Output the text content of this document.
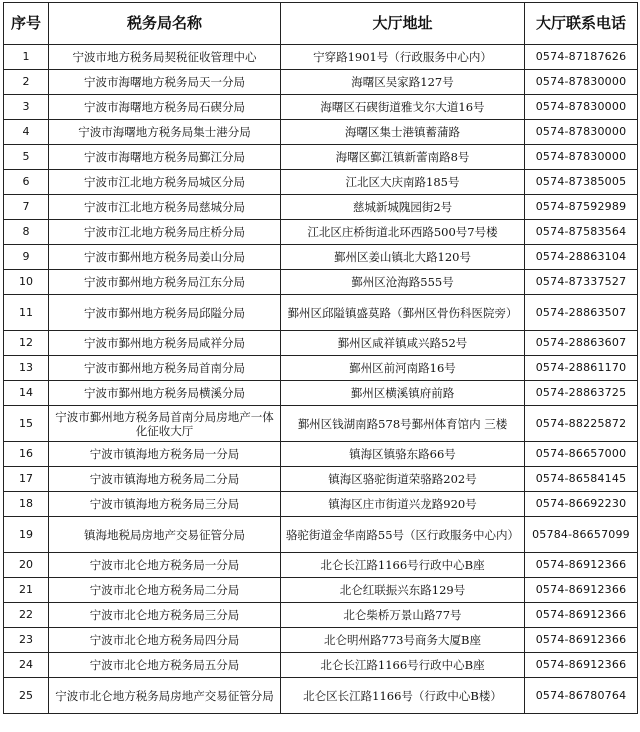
序号	税务局名称	大厅地址	大厅联系电话
1	宁波市地方税务局契税征收管理中心	宁穿路1901号（行政服务中心内）	0574-87187626
2	宁波市海曙地方税务局天一分局	海曙区吴家路127号	0574-87830000
3	宁波市海曙地方税务局石碶分局	海曙区石碶街道雅戈尔大道16号	0574-87830000
4	宁波市海曙地方税务局集士港分局	海曙区集士港镇蓄蒲路	0574-87830000
5	宁波市海曙地方税务局鄞江分局	海曙区鄞江镇新蕾南路8号	0574-87830000
6	宁波市江北地方税务局城区分局	江北区大庆南路185号	0574-87385005
7	宁波市江北地方税务局慈城分局	慈城新城隗园街2号	0574-87592989
8	宁波市江北地方税务局庄桥分局	江北区庄桥街道北环西路500号7号楼	0574-87583564
9	宁波市鄞州地方税务局姜山分局	鄞州区姜山镇北大路120号	0574-28863104
10	宁波市鄞州地方税务局江东分局	鄞州区沧海路555号	0574-87337527
11	宁波市鄞州地方税务局邱隘分局	鄞州区邱隘镇盛莫路（鄞州区骨伤科医院旁）	0574-28863507
12	宁波市鄞州地方税务局咸祥分局	鄞州区咸祥镇咸兴路52号	0574-28863607
13	宁波市鄞州地方税务局首南分局	鄞州区前河南路16号	0574-28861170
14	宁波市鄞州地方税务局横溪分局	鄞州区横溪镇府前路	0574-28863725
15	宁波市鄞州地方税务局首南分局房地产一体化征收大厅	鄞州区钱湖南路578号鄞州体育馆内 三楼	0574-88225872
16	宁波市镇海地方税务局一分局	镇海区镇骆东路66号	0574-86657000
17	宁波市镇海地方税务局二分局	镇海区骆驼街道荣骆路202号	0574-86584145
18	宁波市镇海地方税务局三分局	镇海区庄市街道兴龙路920号	0574-86692230
19	镇海地税局房地产交易征管分局	骆驼街道金华南路55号（区行政服务中心内）	05784-86657099
20	宁波市北仑地方税务局一分局	北仑长江路1166号行政中心B座	0574-86912366
21	宁波市北仑地方税务局二分局	北仑红联振兴东路129号	0574-86912366
22	宁波市北仑地方税务局三分局	北仑柴桥万景山路77号	0574-86912366
23	宁波市北仑地方税务局四分局	北仑明州路773号商务大厦B座	0574-86912366
24	宁波市北仑地方税务局五分局	北仑长江路1166号行政中心B座	0574-86912366
25	宁波市北仑地方税务局房地产交易征管分局	北仑区长江路1166号（行政中心B楼）	0574-86780764
